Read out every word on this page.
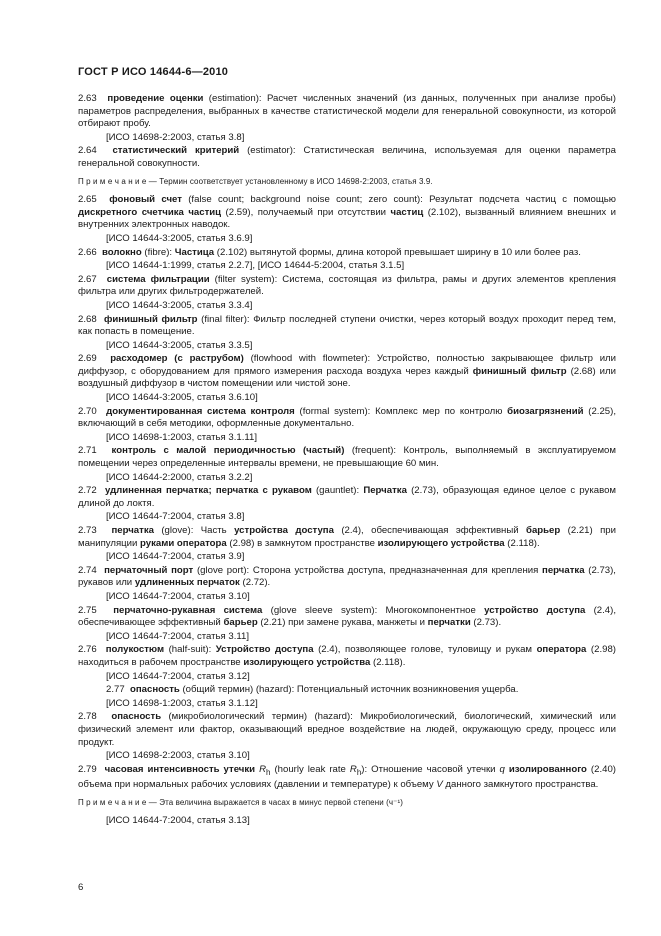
ГОСТ Р ИСО 14644-6—2010
2.63  проведение оценки (estimation): Расчет численных значений (из данных, полученных при анализе пробы) параметров распределения, выбранных в качестве статистической модели для генеральной совокупности, из которой отбирают пробу.
[ИСО 14698-2:2003, статья 3.8]
2.64  статистический критерий (estimator): Статистическая величина, используемая для оценки параметра генеральной совокупности.
П р и м е ч а н и е — Термин соответствует установленному в ИСО 14698-2:2003, статья 3.9.
2.65  фоновый счет (false count; background noise count; zero count): Результат подсчета частиц с помощью дискретного счетчика частиц (2.59), получаемый при отсутствии частиц (2.102), вызванный влиянием внешних и внутренних электронных наводок.
[ИСО 14644-3:2005, статья 3.6.9]
2.66  волокно (fibre): Частица (2.102) вытянутой формы, длина которой превышает ширину в 10 или более раз.
[ИСО 14644-1:1999, статья 2.2.7], [ИСО 14644-5:2004, статья 3.1.5]
2.67  система фильтрации (filter system): Система, состоящая из фильтра, рамы и других элементов крепления фильтра или других фильтродержателей.
[ИСО 14644-3:2005, статья 3.3.4]
2.68  финишный фильтр (final filter): Фильтр последней ступени очистки, через который воздух проходит перед тем, как попасть в помещение.
[ИСО 14644-3:2005, статья 3.3.5]
2.69  расходомер (с раструбом) (flowhood with flowmeter): Устройство, полностью закрывающее фильтр или диффузор, с оборудованием для прямого измерения расхода воздуха через каждый финишный фильтр (2.68) или воздушный диффузор в чистом помещении или чистой зоне.
[ИСО 14644-3:2005, статья 3.6.10]
2.70  документированная система контроля (formal system): Комплекс мер по контролю биозагрязнений (2.25), включающий в себя методики, оформленные документально.
[ИСО 14698-1:2003, статья 3.1.11]
2.71  контроль с малой периодичностью (частый) (frequent): Контроль, выполняемый в эксплуатируемом помещении через определенные интервалы времени, не превышающие 60 мин.
[ИСО 14644-2:2000, статья 3.2.2]
2.72  удлиненная перчатка; перчатка с рукавом (gauntlet): Перчатка (2.73), образующая единое целое с рукавом длиной до локтя.
[ИСО 14644-7:2004, статья 3.8]
2.73  перчатка (glove): Часть устройства доступа (2.4), обеспечивающая эффективный барьер (2.21) при манипуляции руками оператора (2.98) в замкнутом пространстве изолирующего устройства (2.118).
[ИСО 14644-7:2004, статья 3.9]
2.74  перчаточный порт (glove port): Сторона устройства доступа, предназначенная для крепления перчатка (2.73), рукавов или удлиненных перчаток (2.72).
[ИСО 14644-7:2004, статья 3.10]
2.75  перчаточно-рукавная система (glove sleeve system): Многокомпонентное устройство доступа (2.4), обеспечивающее эффективный барьер (2.21) при замене рукава, манжеты и перчатки (2.73).
[ИСО 14644-7:2004, статья 3.11]
2.76  полукостюм (half-suit): Устройство доступа (2.4), позволяющее голове, туловищу и рукам оператора (2.98) находиться в рабочем пространстве изолирующего устройства (2.118).
[ИСО 14644-7:2004, статья 3.12]
2.77  опасность (общий термин) (hazard): Потенциальный источник возникновения ущерба.
[ИСО 14698-1:2003, статья 3.1.12]
2.78  опасность (микробиологический термин) (hazard): Микробиологический, биологический, химический или физический элемент или фактор, оказывающий вредное воздействие на людей, окружающую среду, процесс или продукт.
[ИСО 14698-2:2003, статья 3.10]
2.79  часовая интенсивность утечки $R_h$ (hourly leak rate $R_h$): Отношение часовой утечки q изолированного (2.40) объема при нормальных рабочих условиях (давлении и температуре) к объему V данного замкнутого пространства.
П р и м е ч а н и е — Эта величина выражается в часах в минус первой степени (ч⁻¹)
[ИСО 14644-7:2004, статья 3.13]
6
